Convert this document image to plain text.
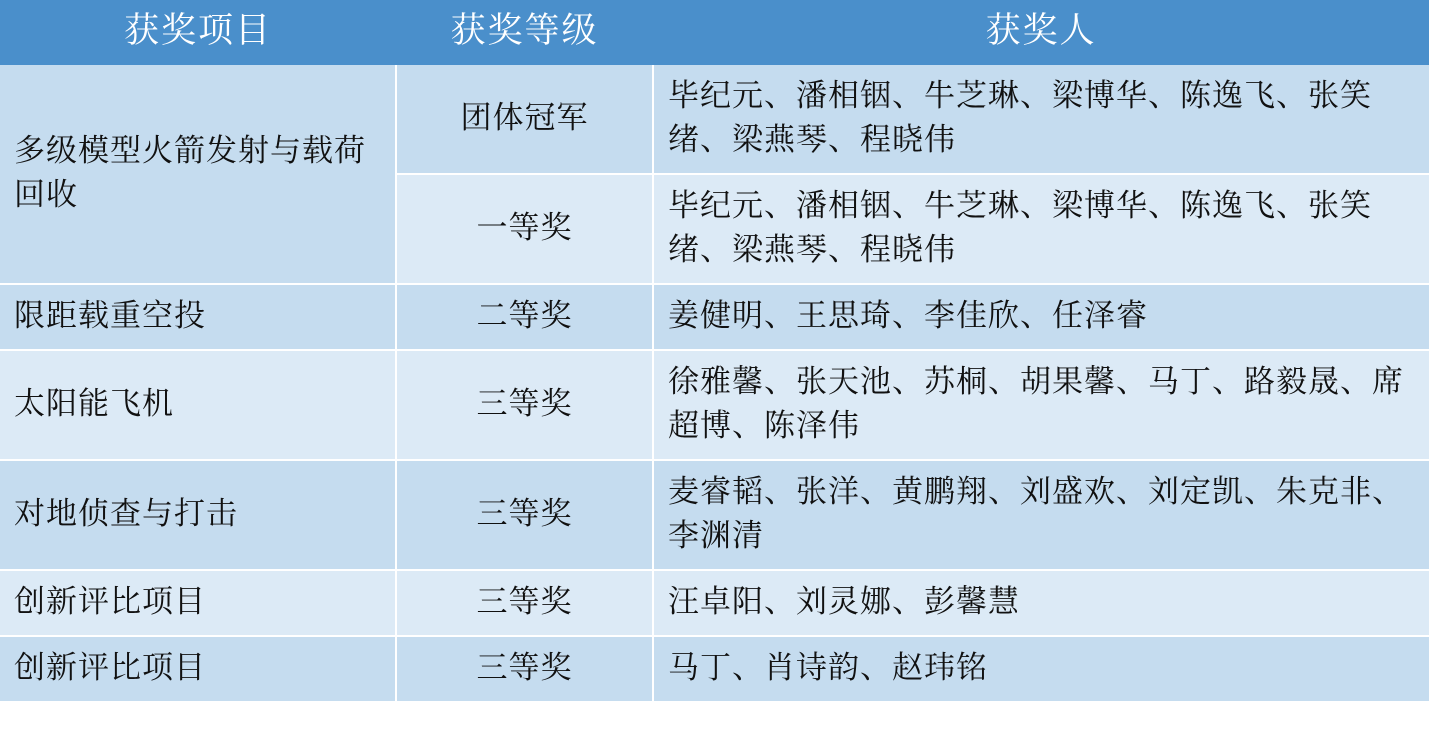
获奖项目	获奖等级	获奖人
多级模型火箭发射与载荷回收	团体冠军	毕纪元、潘相铟、牛芝琳、梁博华、陈逸飞、张笑绪、梁燕琴、程晓伟
	一等奖	毕纪元、潘相铟、牛芝琳、梁博华、陈逸飞、张笑绪、梁燕琴、程晓伟
限距载重空投	二等奖	姜健明、王思琦、李佳欣、任泽睿
太阳能飞机	三等奖	徐雅馨、张天池、苏桐、胡果馨、马丁、路毅晟、席超博、陈泽伟
对地侦查与打击	三等奖	麦睿韬、张洋、黄鹏翔、刘盛欢、刘定凯、朱克非、李渊清
创新评比项目	三等奖	汪卓阳、刘灵娜、彭馨慧
创新评比项目	三等奖	马丁、肖诗韵、赵玮铭
